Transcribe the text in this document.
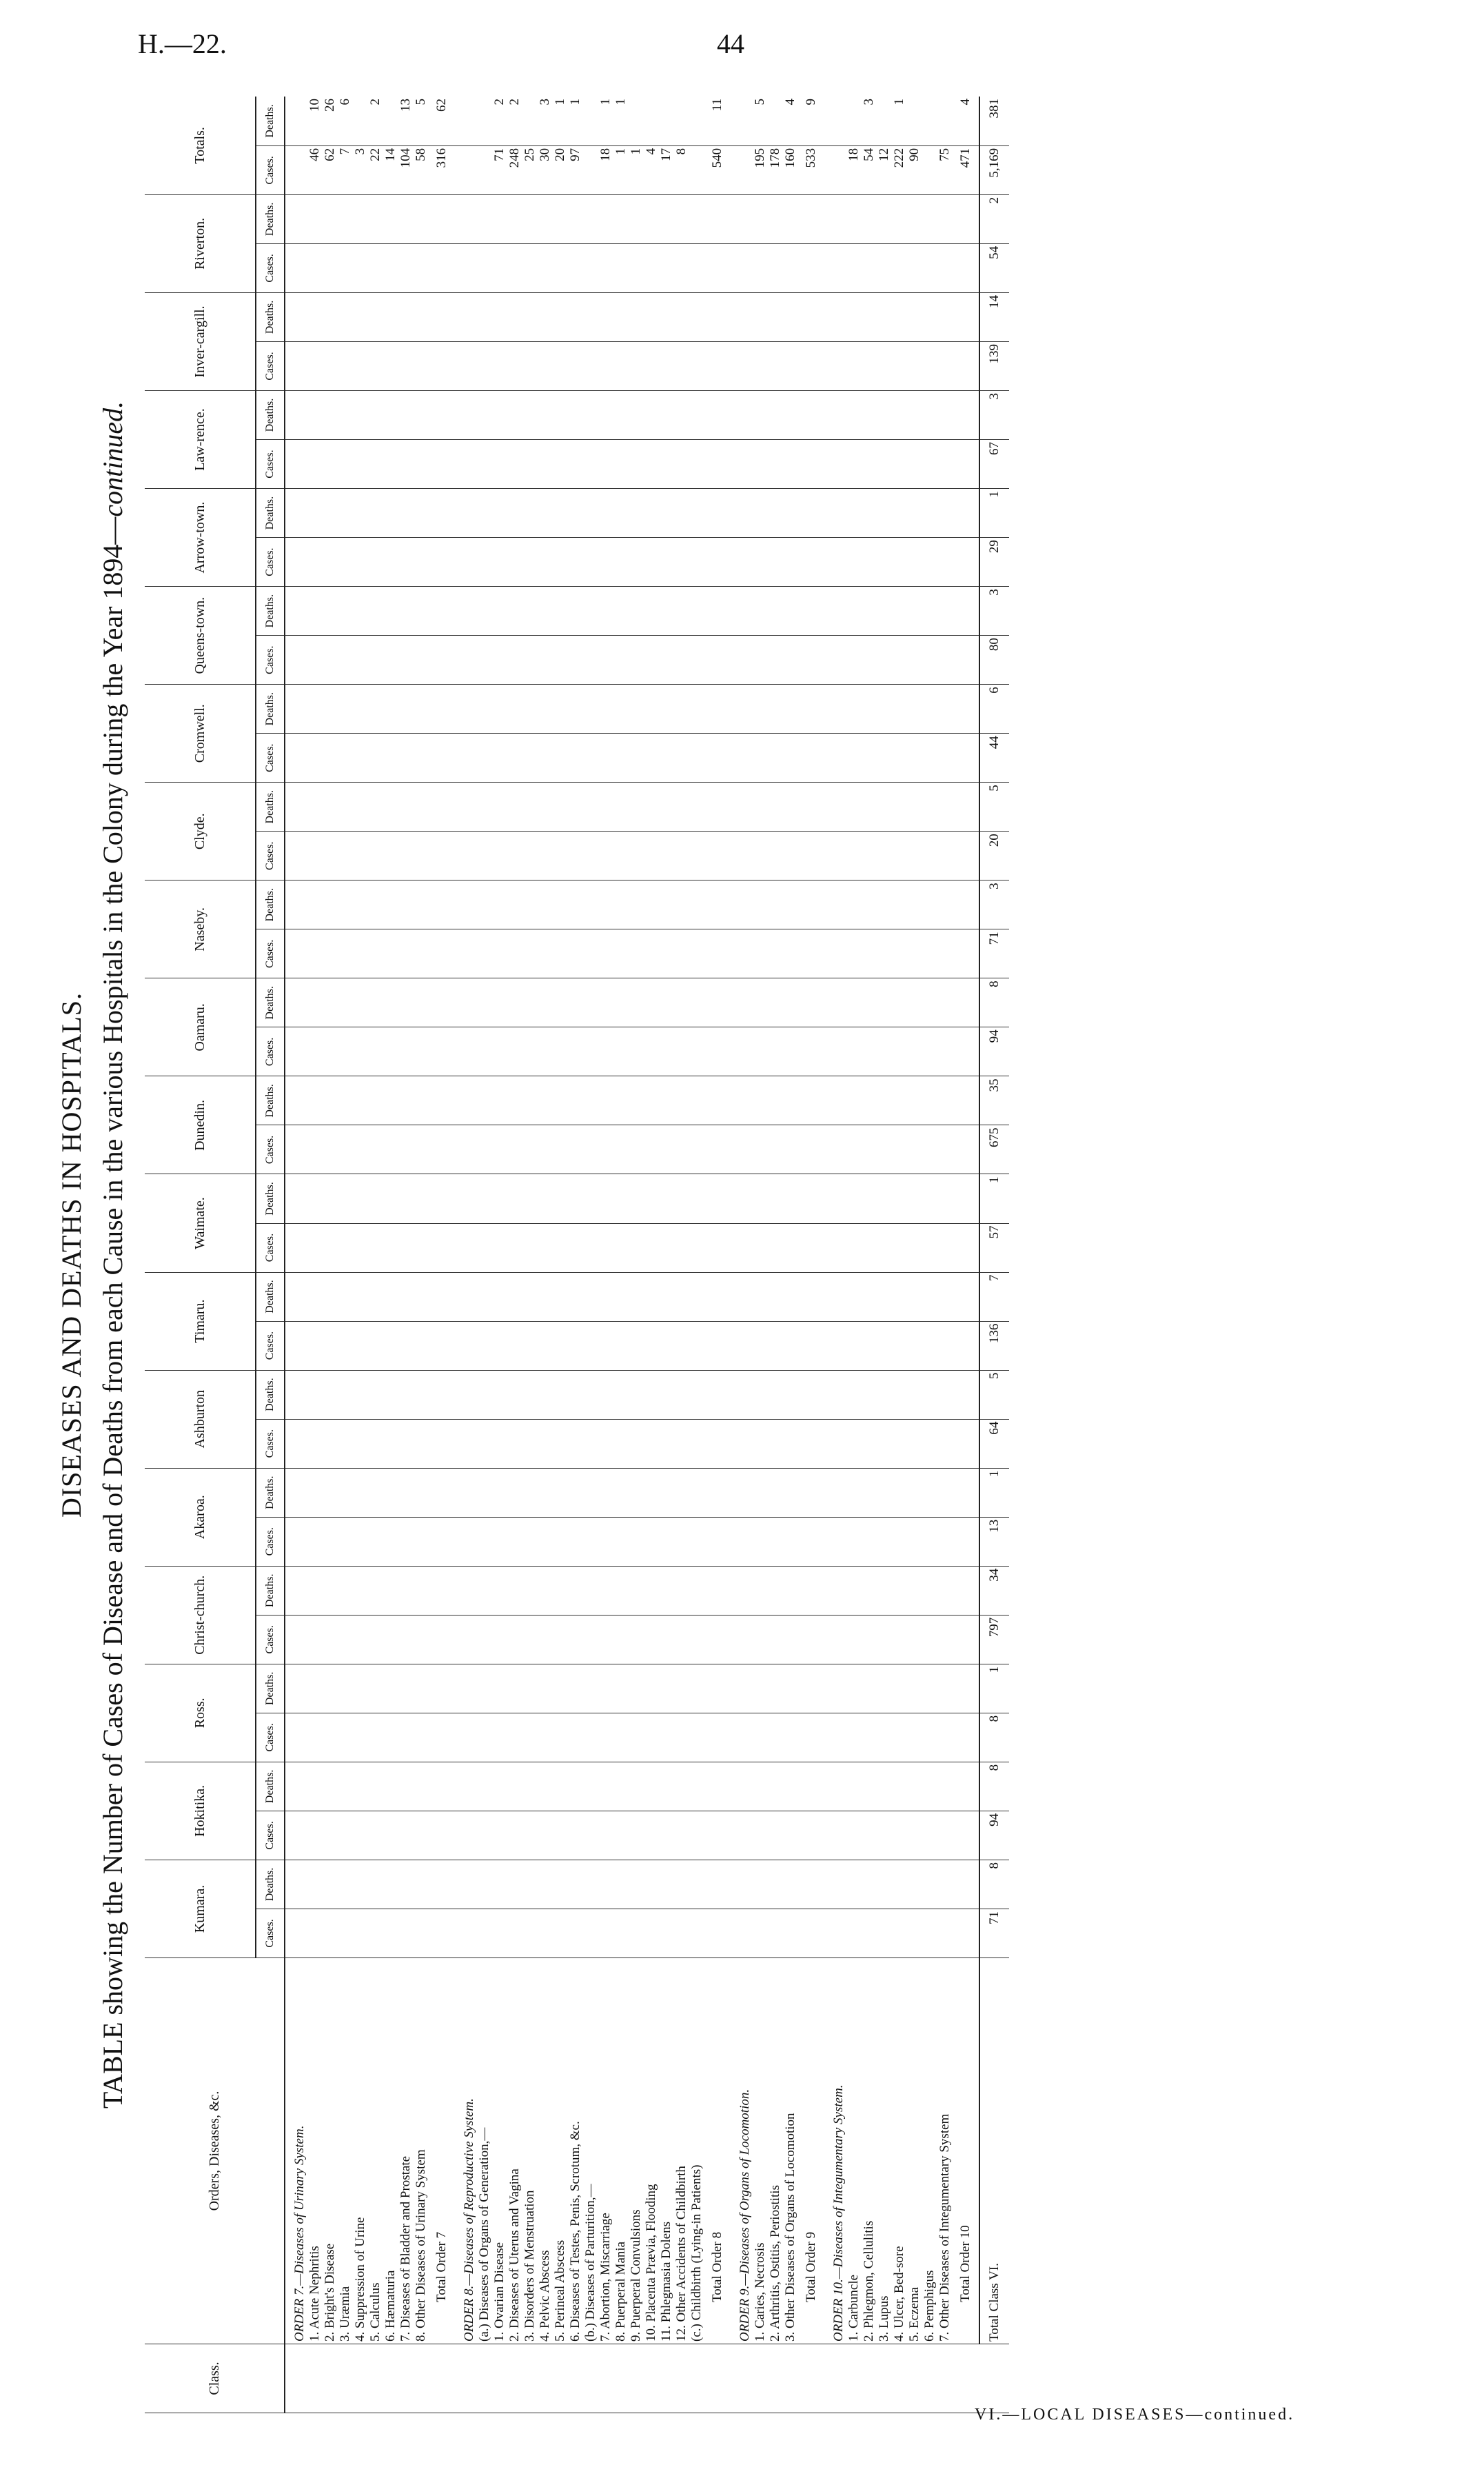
H.—22.	44
DISEASES AND DEATHS IN HOSPITALS. TABLE showing the Number of Cases of Disease and of Deaths from each Cause in the various Hospitals in the Colony during the Year 1894—continued.
Class.	Orders, Diseases, &c.	Kumara.		Hokitika.		Ross.		Christ-church.		Akaroa.		Ashburton		Timaru.		Waimate.		Dunedin.		Oamaru.		Naseby.		Clyde.		Cromwell.		Queens-town.		Arrow-town.		Law-rence.		Inver-cargill.		Riverton.		Totals.	
		Cases.	Deaths.	Cases.	Deaths.	Cases.	Deaths.	Cases.	Deaths.	Cases.	Deaths.	Cases.	Deaths.	Cases.	Deaths.	Cases.	Deaths.	Cases.	Deaths.	Cases.	Deaths.	Cases.	Deaths.	Cases.	Deaths.	Cases.	Deaths.	Cases.	Deaths.	Cases.	Deaths.	Cases.	Deaths.	Cases.	Deaths.	Cases.	Deaths.	Cases.	Deaths.

VI.—LOCAL DISEASES—continued.	ORDER 7.—Diseases of Urinary System.																																						
	1. Acute Nephritis																																					46	10
	2. Bright's Disease																																					62	26
	3. Uræmia																																					7	6
	4. Suppression of Urine																																					3	
	5. Calculus																																					22	2
	6. Hæmaturia																																					14	
	7. Diseases of Bladder and Prostate																																					104	13
	8. Other Diseases of Urinary System																																					58	5
	Total Order 7																																					316	62
	ORDER 8.—Diseases of Reproductive System.																																						
	(a.) Diseases of Organs of Generation,—																																						
	1. Ovarian Disease																																					71	2
	2. Diseases of Uterus and Vagina																																					248	2
	3. Disorders of Menstruation																																					25	
	4. Pelvic Abscess																																					30	3
	5. Perineal Abscess																																					20	1
	6. Diseases of Testes, Penis, Scrotum, &c.																																					97	1
	(b.) Diseases of Parturition,—																																						
	7. Abortion, Miscarriage																																					18	1
	8. Puerperal Mania																																					1	1
	9. Puerperal Convulsions																																					1	
	10. Placenta Prævia, Flooding																																					4	
	11. Phlegmasia Dolens																																					17	
	12. Other Accidents of Childbirth																																					8	
	(c.) Childbirth (Lying-in Patients)																																						
	Total Order 8																																					540	11
	ORDER 9.—Diseases of Organs of Locomotion.																																						
	1. Caries, Necrosis																																					195	5
	2. Arthritis, Ostitis, Periostitis																																					178	
	3. Other Diseases of Organs of Locomotion																																					160	4
	Total Order 9																																					533	9
	ORDER 10.—Diseases of Integumentary System.																																						
	1. Carbuncle																																					18	
	2. Phlegmon, Cellulitis																																					54	3
	3. Lupus																																					12	
	4. Ulcer, Bed-sore																																					222	1
	5. Eczema																																					90	
	6. Pemphigus																																						
	7. Other Diseases of Integumentary System																																					75	
	Total Order 10																																					471	4
	Total Class VI.	71	8	94	8	8	1	797	34	13	1	64	5	136	7	57	1	675	35	94	8	71	3	20	5	44	6	80	3	29	1	67	3	139	14	54	2	5,169	381
